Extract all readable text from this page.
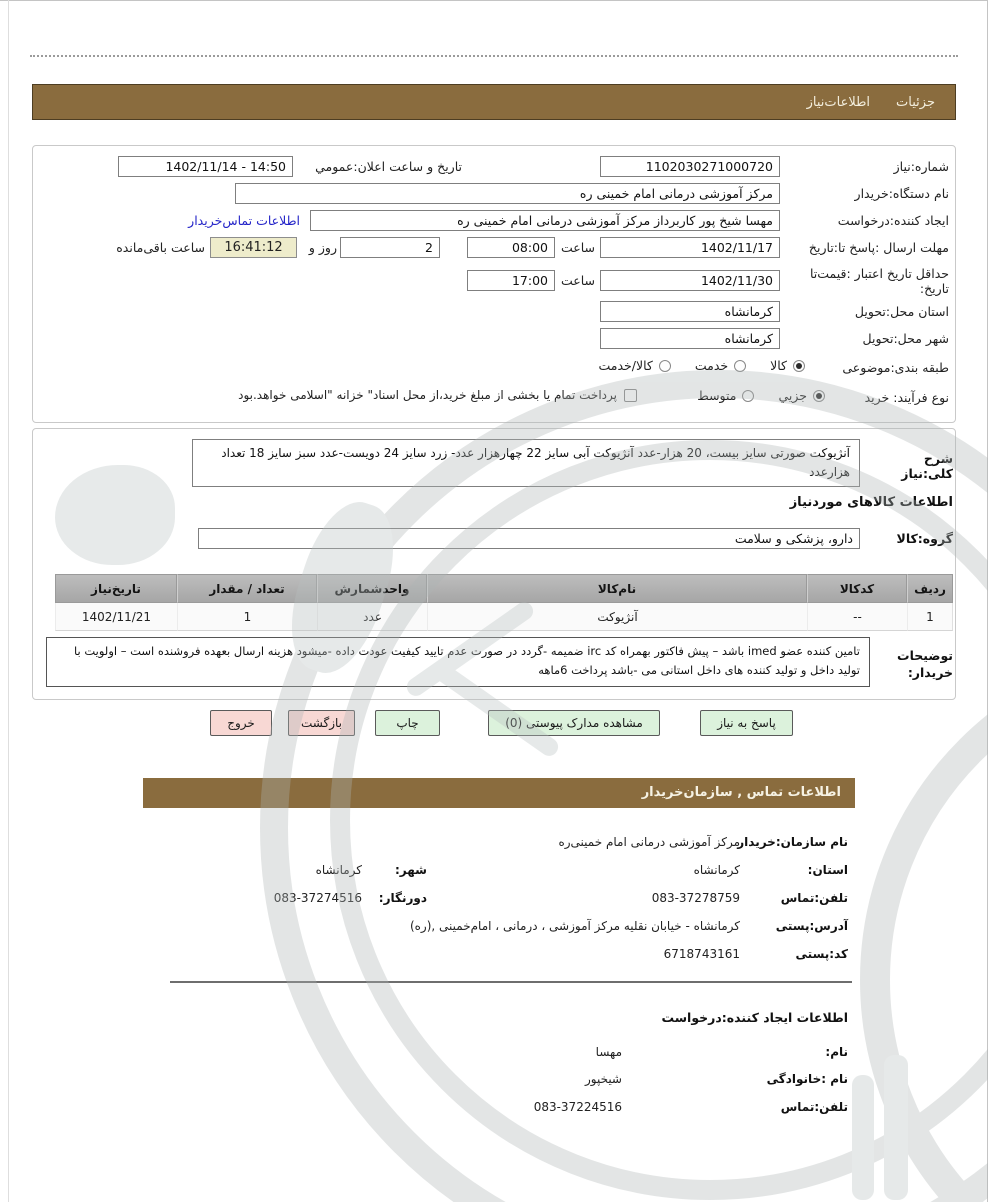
جزئیات
اطلاعات‌نیاز
شماره:نیاز
1102030271000720
تاریخ و ساعت اعلان:عمومي
14:50 - 1402/11/14
نام دستگاه:خریدار
مرکز آموزشی درمانی امام خمینی ره
ایجاد کننده:درخواست
مهسا شیخ پور کاربرداز مرکز آموزشی درمانی امام خمینی ره
اطلاعات تماس‌خریدار
مهلت ارسال :پاسخ تا:تاریخ
1402/11/17
ساعت
08:00
2
روز و
16:41:12
ساعت باقی‌مانده
حداقل تاریخ اعتبار :قیمت‌تا تاریخ:
1402/11/30
ساعت
17:00
استان محل:تحویل
کرمانشاه
شهر محل:تحویل
کرمانشاه
طبقه بندی:موضوعی
کالا
خدمت
کالا/خدمت
نوع فرآیند: خرید
جزيي
متوسط
پرداخت تمام یا بخشی از مبلغ خرید،از محل اسناد" خزانه "اسلامی خواهد.بود
شرح کلی:نیاز
آنژیوکت صورتی سایز بیست، 20 هزار-عدد آنژیوکت آبی سایز 22 چهارهزار عدد- زرد سایز 24 دویست-عدد سبز سایز 18 تعداد هزارعدد
اطلاعات کالاهای موردنیاز
گروه:کالا
دارو، پزشکی و سلامت
ردیف	کدکالا	نام‌کالا	واحدشمارش	تعداد / مقدار	تاریخ‌نیاز
1	--	آنژیوکت	عدد	1	1402/11/21
توضیحات خریدار:
تامین کننده عضو imed باشد – پیش فاکتور بهمراه کد irc ضمیمه -گردد در صورت عدم تایید کیفیت عودت داده -میشود هزینه ارسال بعهده فروشنده است – اولویت با تولید داخل و تولید کننده های داخل استانی می -باشد پرداخت 6ماهه
پاسخ به نیاز
مشاهده مدارک پیوستی (0)
چاپ
بازگشت
خروج
اطلاعات تماس , سازمان‌خریدار
نام سازمان:خریدار
مرکز آموزشی درمانی امام خمینی‌ره
استان:
کرمانشاه
شهر:
کرمانشاه
تلفن:تماس
083-37278759
دورنگار:
083-37274516
آدرس:پستی
کرمانشاه - خیابان نقلیه مرکز آموزشی ، درمانی ، امام‌خمینی ,(ره)
کد:پستی
6718743161
اطلاعات ایجاد کننده:درخواست
نام:
مهسا
نام :خانوادگی
شیخپور
تلفن:تماس
083-37224516
